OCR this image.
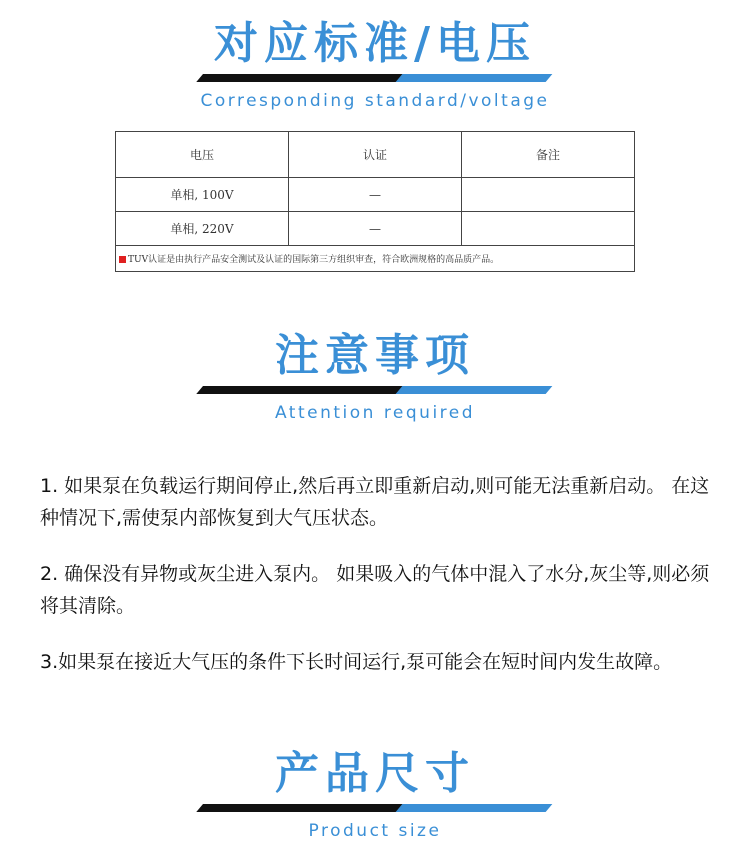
对应标准/电压
Corresponding standard/voltage
电压	认证	备注
单相, 100V	—	
单相, 220V	—	
TUV认证是由执行产品安全测试及认证的国际第三方组织审查，符合欧洲规格的高品质产品。		
注意事项
Attention required

1. 如果泵在负载运行期间停止,然后再立即重新启动,则可能无法重新启动。 在这种情况下,需使泵内部恢复到大气压状态。

2. 确保没有异物或灰尘进入泵内。 如果吸入的气体中混入了水分,灰尘等,则必须将其清除。

3.如果泵在接近大气压的条件下长时间运行,泵可能会在短时间内发生故障。

产品尺寸
Product size
